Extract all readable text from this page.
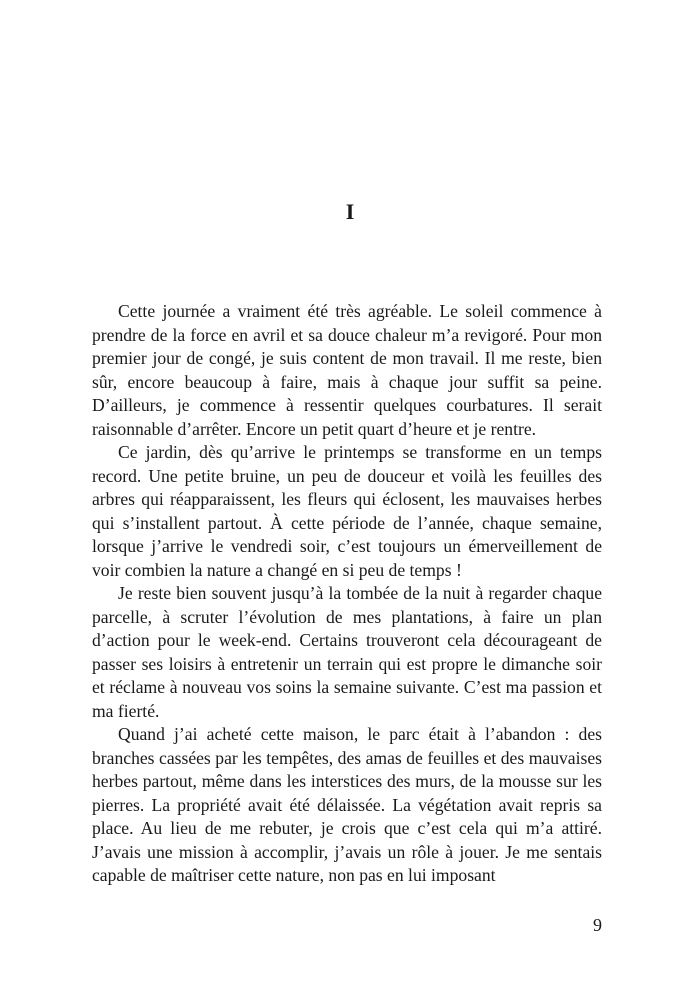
I

Cette journée a vraiment été très agréable. Le soleil commence à prendre de la force en avril et sa douce chaleur m’a revigoré. Pour mon premier jour de congé, je suis content de mon travail. Il me reste, bien sûr, encore beaucoup à faire, mais à chaque jour suffit sa peine. D’ailleurs, je commence à ressentir quelques courbatures. Il serait raisonnable d’arrêter. Encore un petit quart d’heure et je rentre.

Ce jardin, dès qu’arrive le printemps se transforme en un temps record. Une petite bruine, un peu de douceur et voilà les feuilles des arbres qui réapparaissent, les fleurs qui éclosent, les mauvaises herbes qui s’installent partout. À cette période de l’année, chaque semaine, lorsque j’arrive le vendredi soir, c’est toujours un émerveillement de voir combien la nature a changé en si peu de temps !

Je reste bien souvent jusqu’à la tombée de la nuit à regarder chaque parcelle, à scruter l’évolution de mes plantations, à faire un plan d’action pour le week-end. Certains trouveront cela décourageant de passer ses loisirs à entretenir un terrain qui est propre le dimanche soir et réclame à nouveau vos soins la semaine suivante. C’est ma passion et ma fierté.

Quand j’ai acheté cette maison, le parc était à l’abandon : des branches cassées par les tempêtes, des amas de feuilles et des mauvaises herbes partout, même dans les interstices des murs, de la mousse sur les pierres. La propriété avait été délaissée. La végétation avait repris sa place. Au lieu de me rebuter, je crois que c’est cela qui m’a attiré. J’avais une mission à accomplir, j’avais un rôle à jouer. Je me sentais capable de maîtriser cette nature, non pas en lui imposant

9
